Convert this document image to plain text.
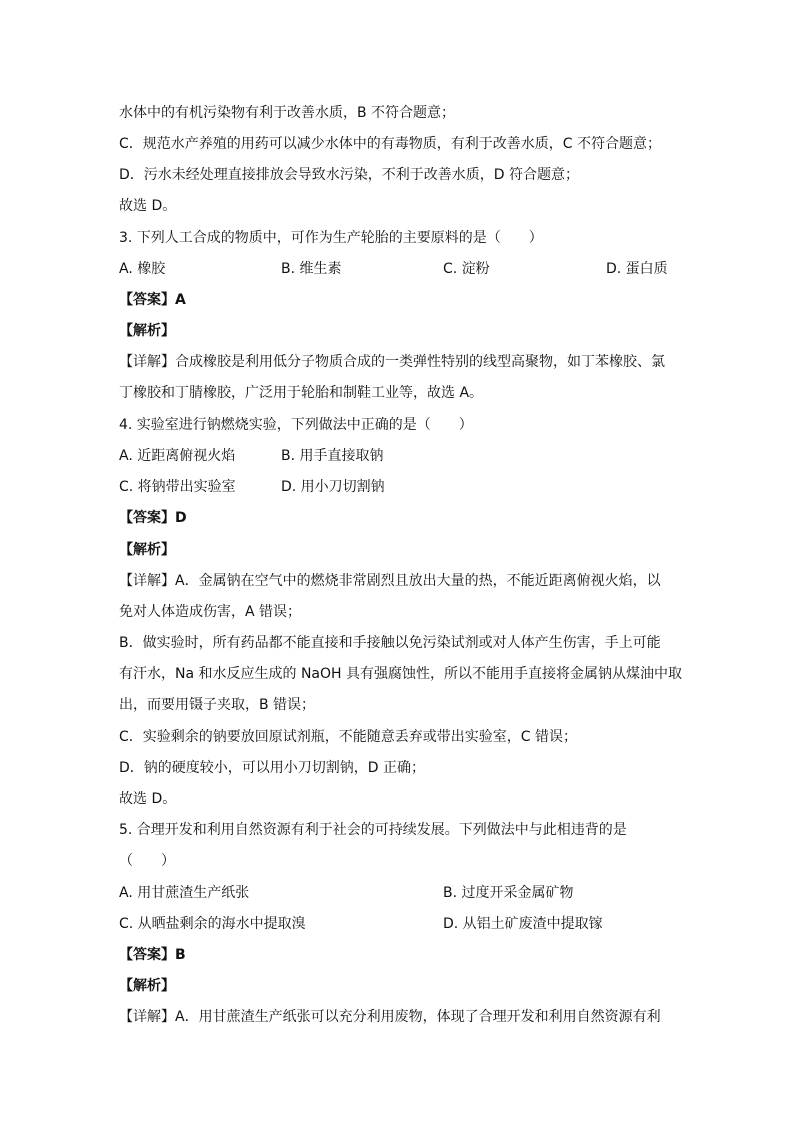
水体中的有机污染物有利于改善水质，B 不符合题意；
C．规范水产养殖的用药可以减少水体中的有毒物质，有利于改善水质，C 不符合题意；
D．污水未经处理直接排放会导致水污染，不利于改善水质，D 符合题意；
故选 D。
3. 下列人工合成的物质中，可作为生产轮胎的主要原料的是（　　）
A. 橡胶	B. 维生素	C. 淀粉	D. 蛋白质
【答案】A
【解析】
【详解】合成橡胶是利用低分子物质合成的一类弹性特别的线型高聚物，如丁苯橡胶、氯
丁橡胶和丁腈橡胶，广泛用于轮胎和制鞋工业等，故选 A。
4. 实验室进行钠燃烧实验，下列做法中正确的是（　　）
A. 近距离俯视火焰	B. 用手直接取钠
C. 将钠带出实验室	D. 用小刀切割钠
【答案】D
【解析】
【详解】A．金属钠在空气中的燃烧非常剧烈且放出大量的热，不能近距离俯视火焰，以
免对人体造成伤害，A 错误；
B．做实验时，所有药品都不能直接和手接触以免污染试剂或对人体产生伤害，手上可能
有汗水，Na 和水反应生成的 NaOH 具有强腐蚀性，所以不能用手直接将金属钠从煤油中取
出，而要用镊子夹取，B 错误；
C．实验剩余的钠要放回原试剂瓶，不能随意丢弃或带出实验室，C 错误；
D．钠的硬度较小，可以用小刀切割钠，D 正确；
故选 D。
5. 合理开发和利用自然资源有利于社会的可持续发展。下列做法中与此相违背的是
（　　）
A. 用甘蔗渣生产纸张	B. 过度开采金属矿物
C. 从晒盐剩余的海水中提取溴	D. 从铝土矿废渣中提取镓
【答案】B
【解析】
【详解】A．用甘蔗渣生产纸张可以充分利用废物，体现了合理开发和利用自然资源有利
